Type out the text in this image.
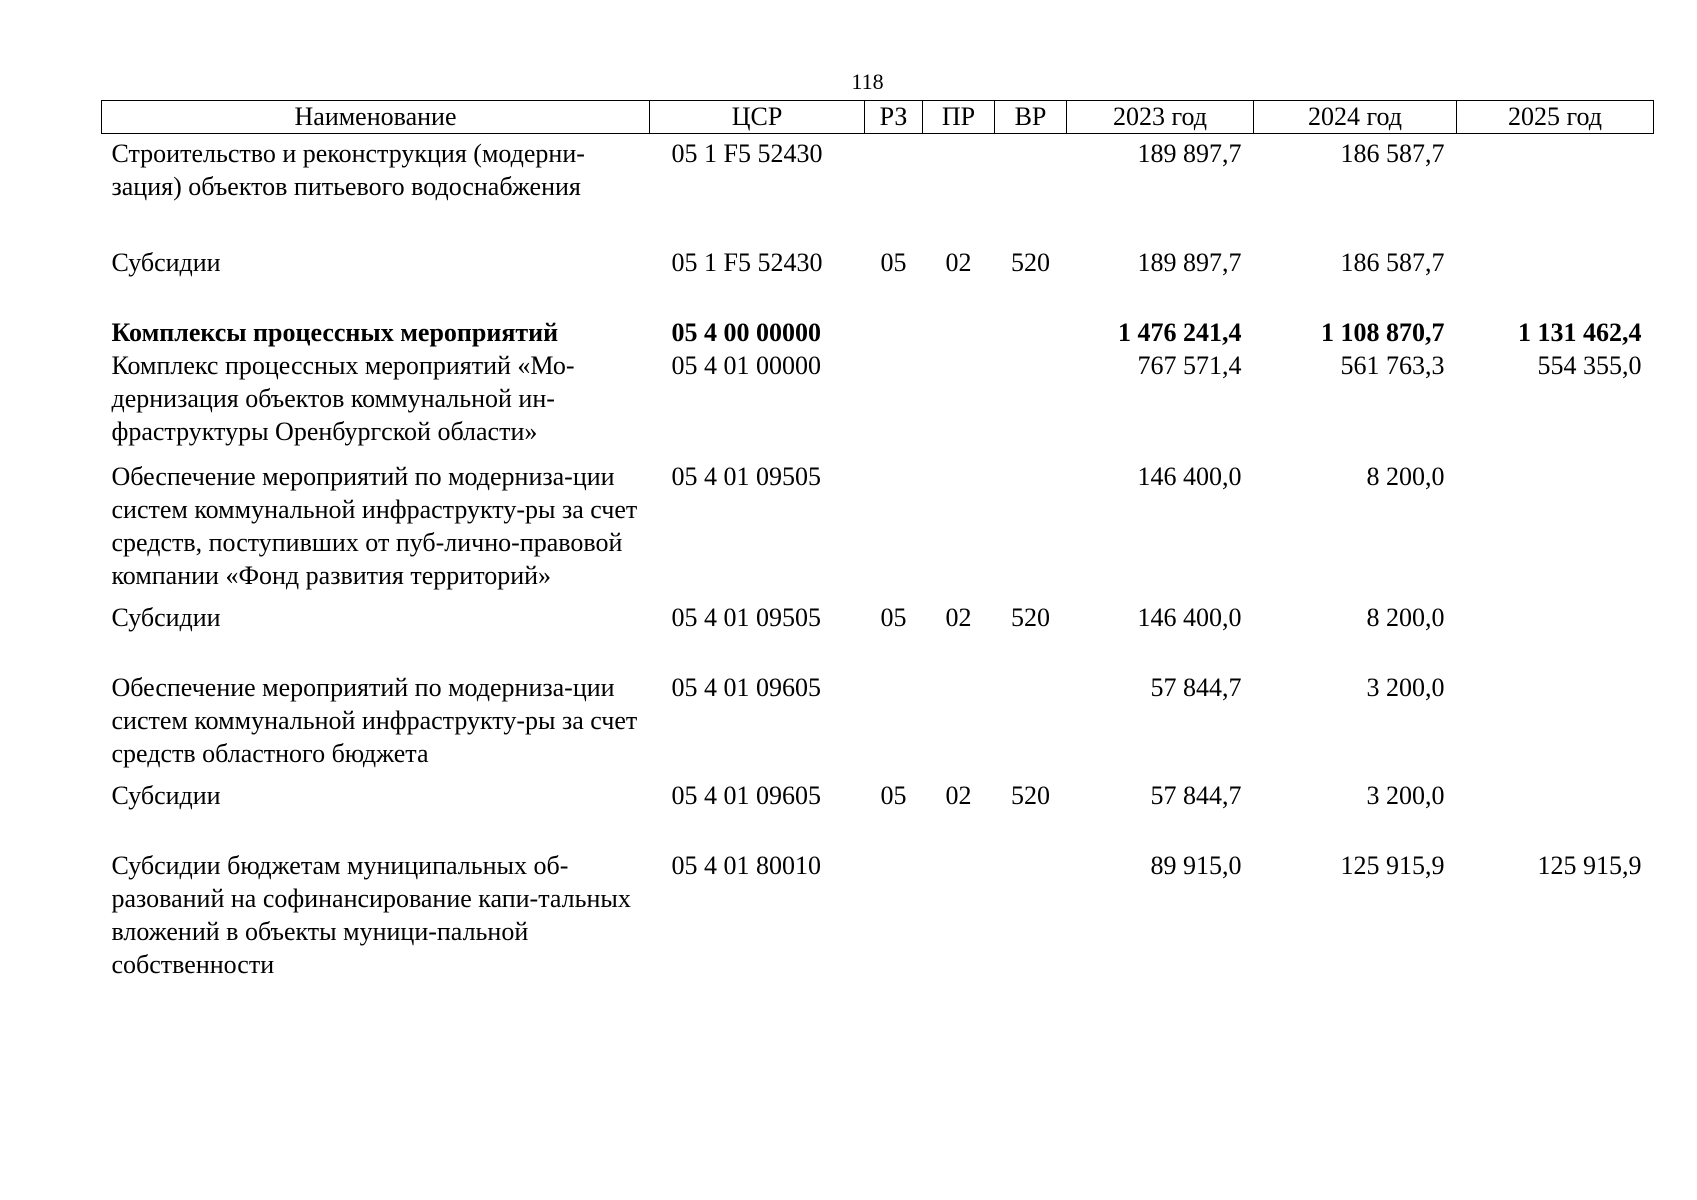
118
Наименование	ЦСР	РЗ	ПР	ВР	2023 год	2024 год	2025 год
Строительство и реконструкция (модерни-зация) объектов питьевого водоснабжения	05 1 F5 52430				189 897,7	186 587,7	
Субсидии	05 1 F5 52430	05	02	520	189 897,7	186 587,7	
Комплексы процессных мероприятий	05 4 00 00000				1 476 241,4	1 108 870,7	1 131 462,4
Комплекс процессных мероприятий «Мо-дернизация объектов коммунальной ин-фраструктуры Оренбургской области»	05 4 01 00000				767 571,4	561 763,3	554 355,0
Обеспечение мероприятий по модерниза-ции систем коммунальной инфраструкту-ры за счет средств, поступивших от пуб-лично-правовой компании «Фонд развития территорий»	05 4 01 09505				146 400,0	8 200,0	
Субсидии	05 4 01 09505	05	02	520	146 400,0	8 200,0	
Обеспечение мероприятий по модерниза-ции систем коммунальной инфраструкту-ры за счет средств областного бюджета	05 4 01 09605				57 844,7	3 200,0	
Субсидии	05 4 01 09605	05	02	520	57 844,7	3 200,0	
Субсидии бюджетам муниципальных об-разований на софинансирование капи-тальных вложений в объекты муници-пальной собственности	05 4 01 80010				89 915,0	125 915,9	125 915,9
